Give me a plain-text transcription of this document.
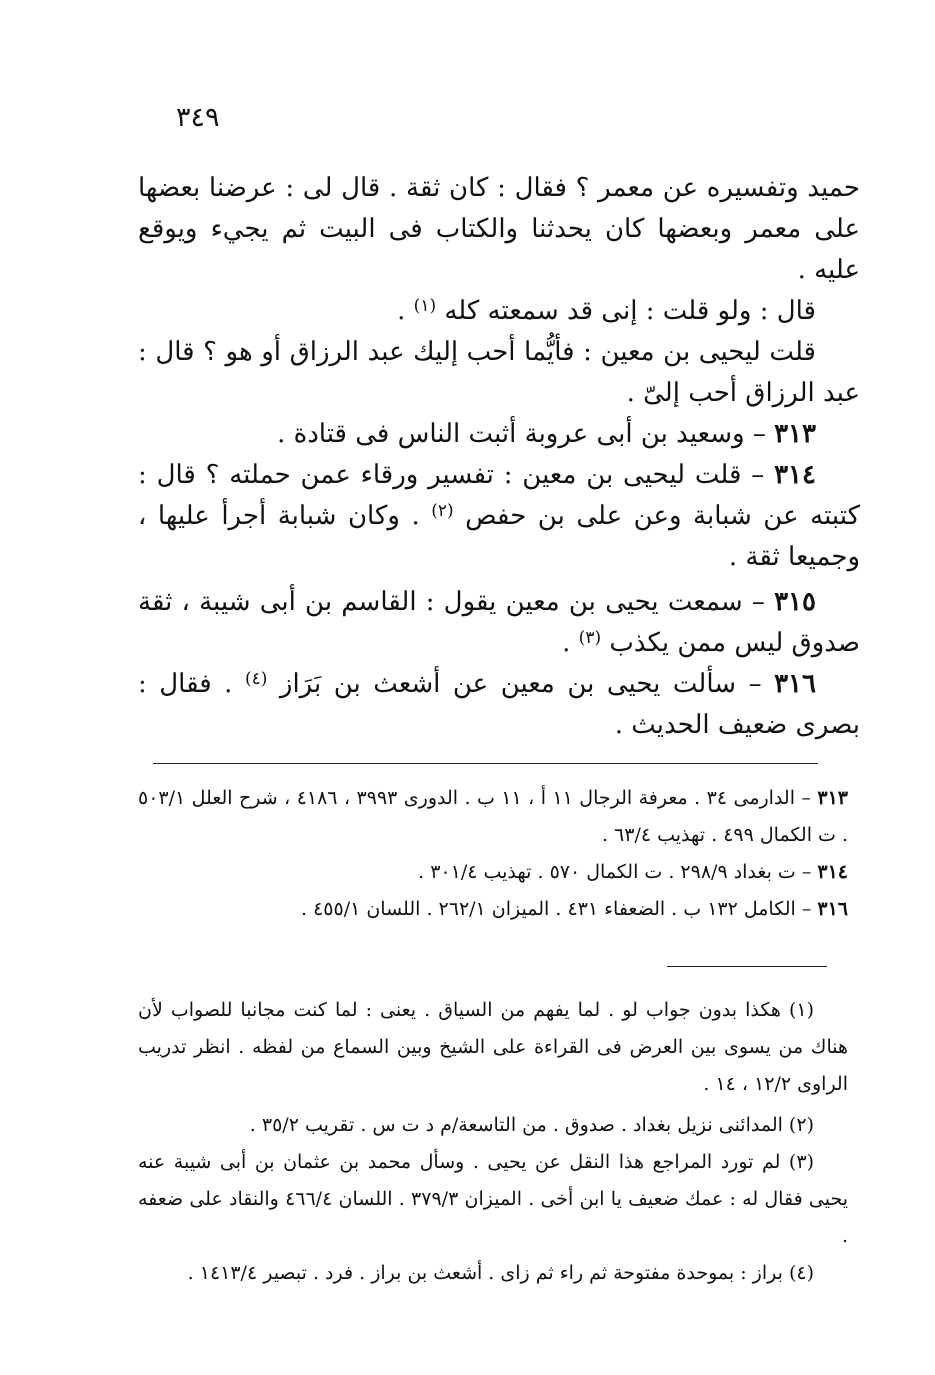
٣٤٩

حميد وتفسيره عن معمر ؟ فقال : كان ثقة . قال لى : عرضنا بعضها على معمر وبعضها كان يحدثنا والكتاب فى البيت ثم يجيء ويوقع عليه .

قال : ولو قلت : إنى قد سمعته كله $^{(١)}$ .

قلت ليحيى بن معين : فأيُّما أحب إليك عبد الرزاق أو هو ؟ قال : عبد الرزاق أحب إلىّ .

٣١٣ – وسعيد بن أبى عروبة أثبت الناس فى قتادة .

٣١٤ – قلت ليحيى بن معين : تفسير ورقاء عمن حملته ؟ قال : كتبته عن شبابة وعن على بن حفص $^{(٢)}$ . وكان شبابة أجرأ عليها ، وجميعا ثقة .

٣١٥ – سمعت يحيى بن معين يقول : القاسم بن أبى شيبة ، ثقة صدوق ليس ممن يكذب $^{(٣)}$ .

٣١٦ – سألت يحيى بن معين عن أشعث بن بَرَاز $^{(٤)}$ . فقال : بصرى ضعيف الحديث .

٣١٣ – الدارمى ٣٤ . معرفة الرجال ١١ أ ، ١١ ب . الدورى ٣٩٩٣ ، ٤١٨٦ ، شرح العلل ٥٠٣/١ . ت الكمال ٤٩٩ . تهذيب ٦٣/٤ .

٣١٤ – ت بغداد ٢٩٨/٩ . ت الكمال ٥٧٠ . تهذيب ٣٠١/٤ .

٣١٦ – الكامل ١٣٢ ب . الضعفاء ٤٣١ . الميزان ٢٦٢/١ . اللسان ٤٥٥/١ .

(١) هكذا بدون جواب لو . لما يفهم من السياق . يعنى : لما كنت مجانبا للصواب لأن هناك من يسوى بين العرض فى القراءة على الشيخ وبين السماع من لفظه . انظر تدريب الراوى ١٢/٢ ، ١٤ .

(٢) المدائنى نزيل بغداد . صدوق . من التاسعة/م د ت س . تقريب ٣٥/٢ .

(٣) لم تورد المراجع هذا النقل عن يحيى . وسأل محمد بن عثمان بن أبى شيبة عنه يحيى فقال له : عمك ضعيف يا ابن أخى . الميزان ٣٧٩/٣ . اللسان ٤٦٦/٤ والنقاد على ضعفه .

(٤) براز : بموحدة مفتوحة ثم راء ثم زاى . أشعث بن براز . فرد . تبصير ١٤١٣/٤ .
